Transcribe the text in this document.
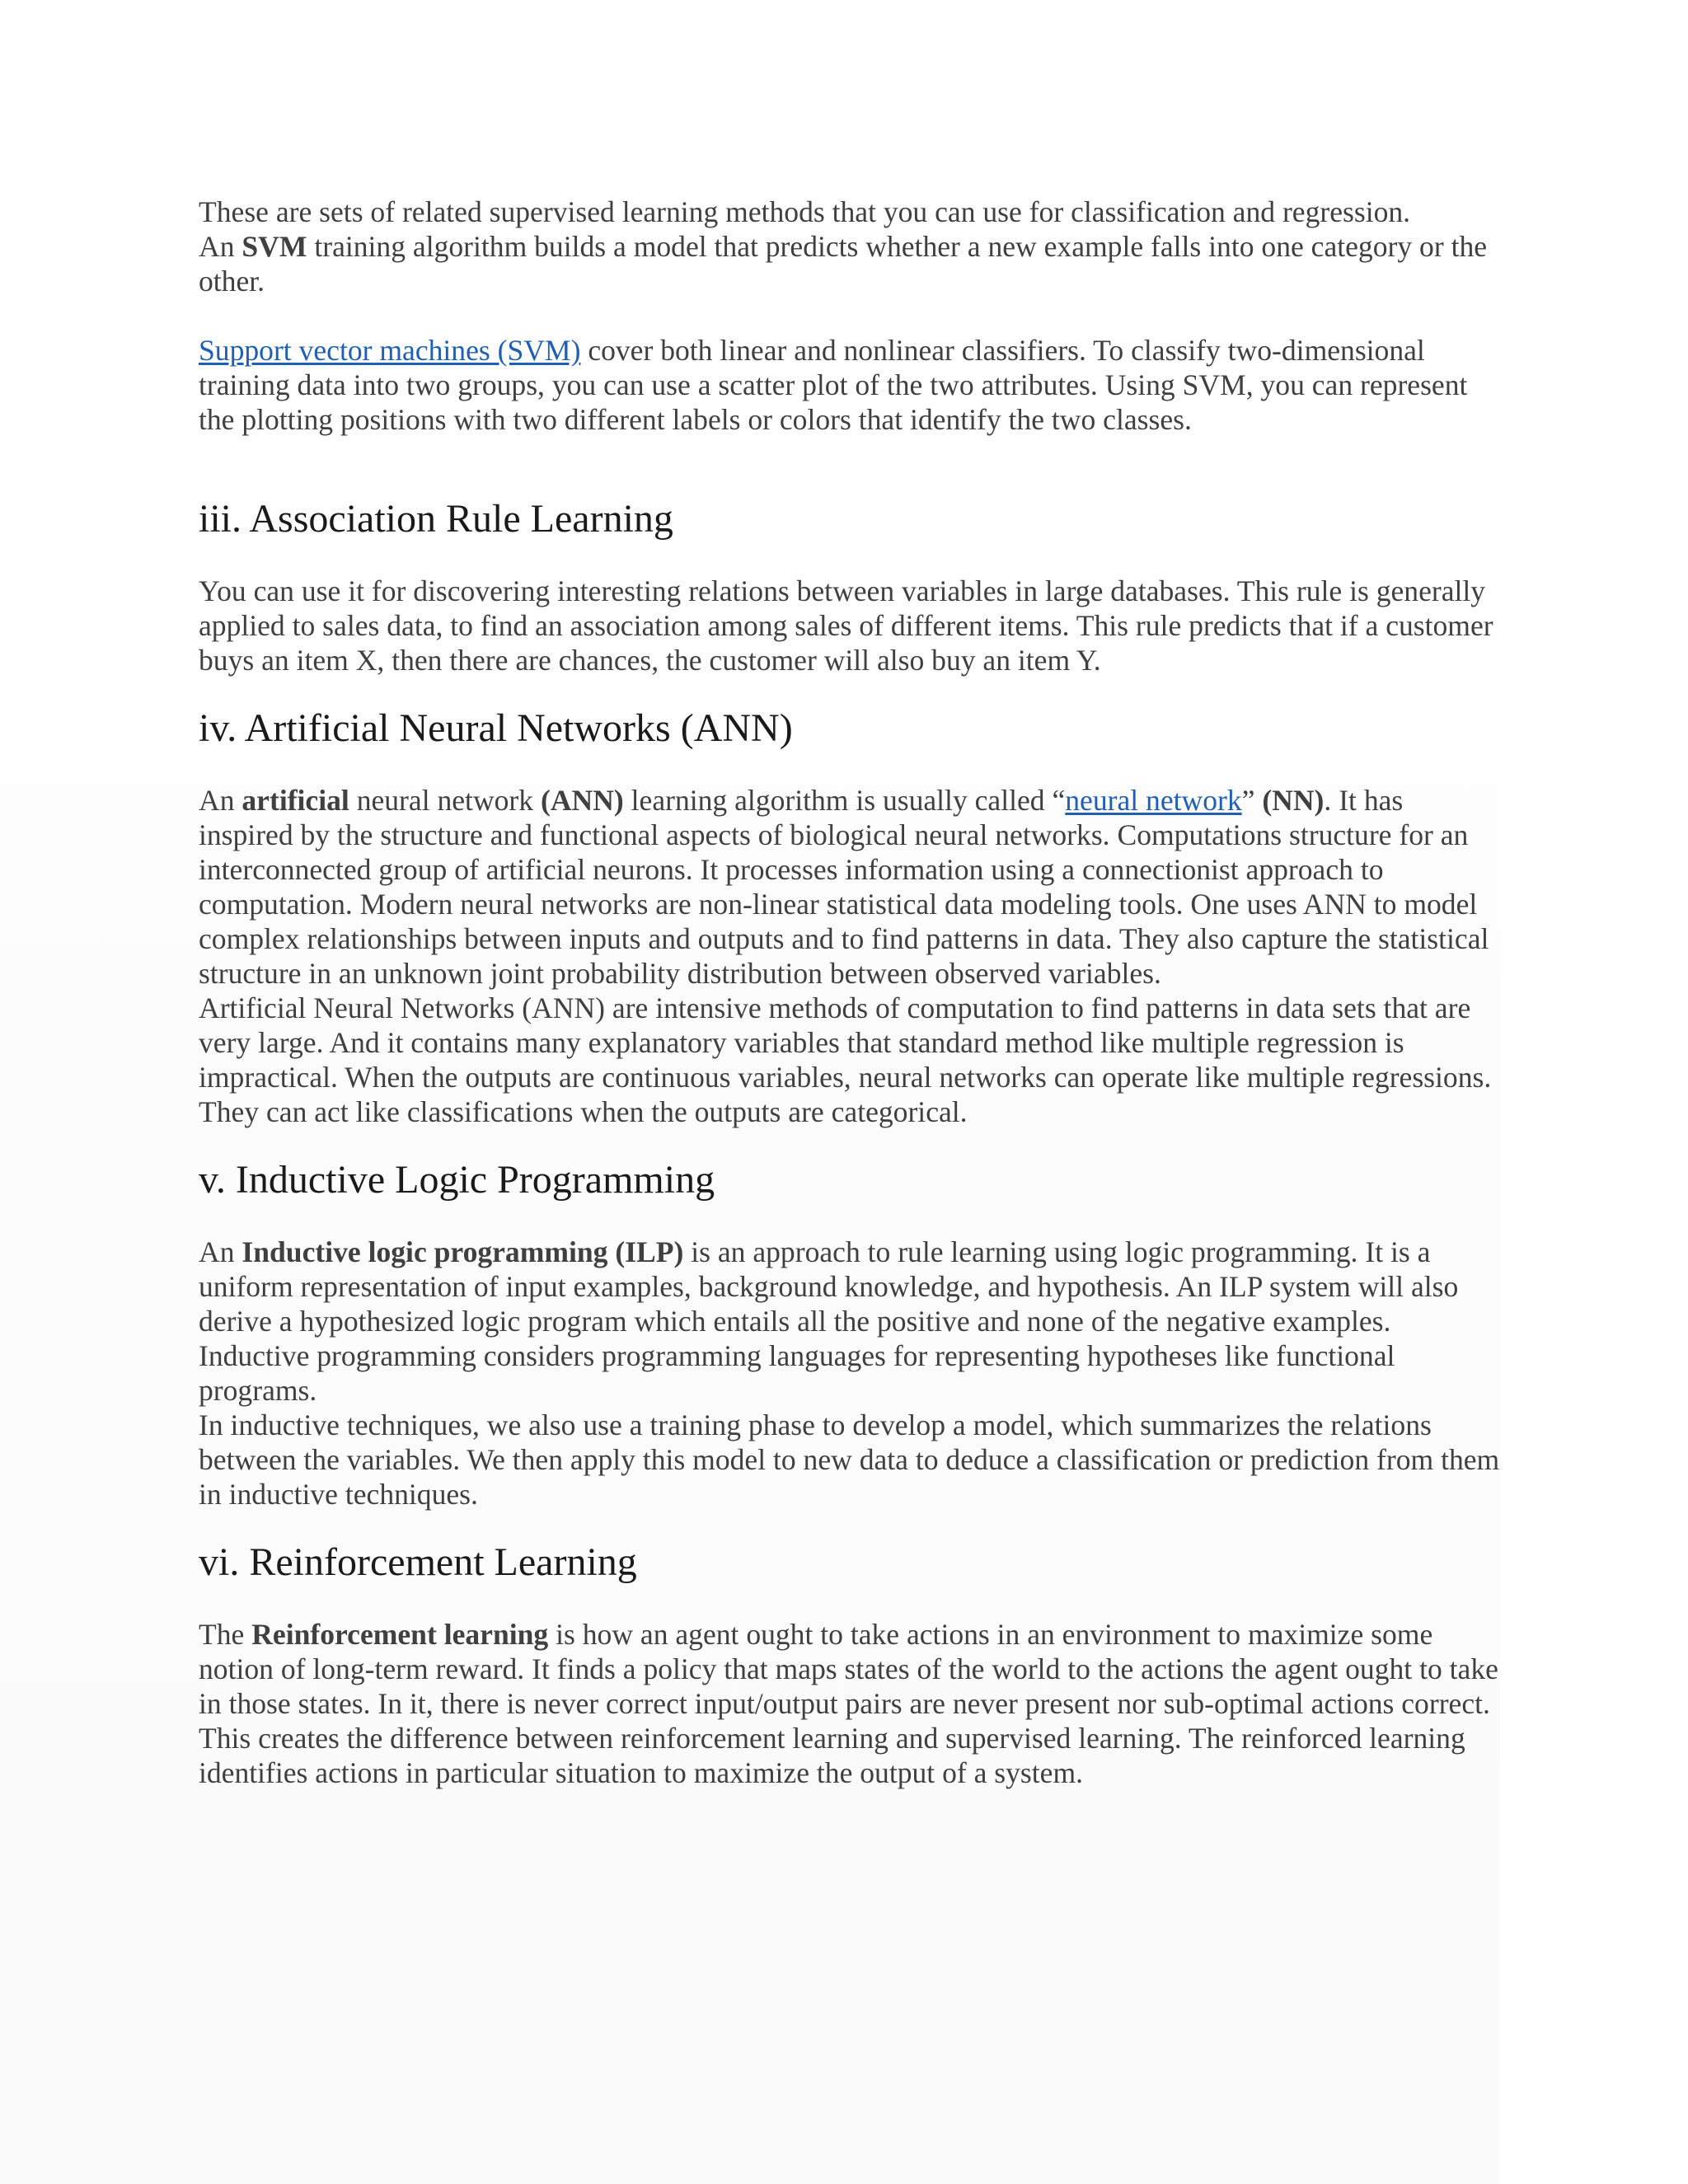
These are sets of related supervised learning methods that you can use for classification and regression.
An SVM training algorithm builds a model that predicts whether a new example falls into one category or the other.

Support vector machines (SVM) cover both linear and nonlinear classifiers. To classify two-dimensional training data into two groups, you can use a scatter plot of the two attributes. Using SVM, you can represent the plotting positions with two different labels or colors that identify the two classes.

iii. Association Rule Learning

You can use it for discovering interesting relations between variables in large databases. This rule is generally applied to sales data, to find an association among sales of different items. This rule predicts that if a customer buys an item X, then there are chances, the customer will also buy an item Y.

iv. Artificial Neural Networks (ANN)

An artificial neural network (ANN) learning algorithm is usually called “neural network” (NN). It has inspired by the structure and functional aspects of biological neural networks. Computations structure for an interconnected group of artificial neurons. It processes information using a connectionist approach to computation. Modern neural networks are non-linear statistical data modeling tools. One uses ANN to model complex relationships between inputs and outputs and to find patterns in data. They also capture the statistical structure in an unknown joint probability distribution between observed variables.
Artificial Neural Networks (ANN) are intensive methods of computation to find patterns in data sets that are very large. And it contains many explanatory variables that standard method like multiple regression is impractical. When the outputs are continuous variables, neural networks can operate like multiple regressions. They can act like classifications when the outputs are categorical.

v. Inductive Logic Programming

An Inductive logic programming (ILP) is an approach to rule learning using logic programming. It is a uniform representation of input examples, background knowledge, and hypothesis. An ILP system will also derive a hypothesized logic program which entails all the positive and none of the negative examples. Inductive programming considers programming languages for representing hypotheses like functional programs.
In inductive techniques, we also use a training phase to develop a model, which summarizes the relations between the variables. We then apply this model to new data to deduce a classification or prediction from them in inductive techniques.

vi. Reinforcement Learning

The Reinforcement learning is how an agent ought to take actions in an environment to maximize some notion of long-term reward. It finds a policy that maps states of the world to the actions the agent ought to take in those states. In it, there is never correct input/output pairs are never present nor sub-optimal actions correct. This creates the difference between reinforcement learning and supervised learning. The reinforced learning identifies actions in particular situation to maximize the output of a system.
